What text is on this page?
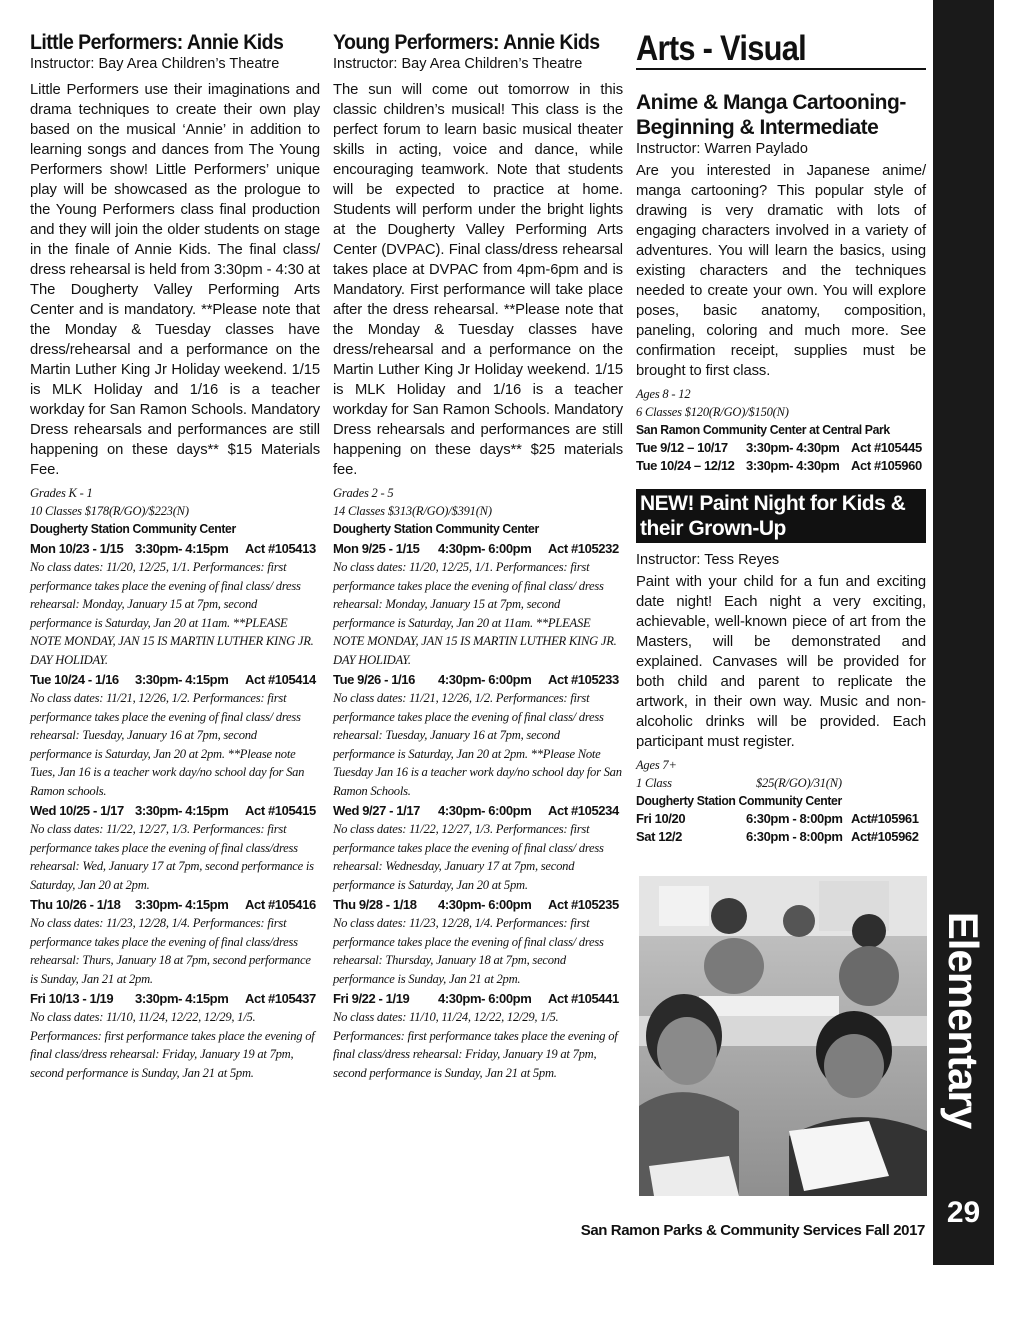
Little Performers: Annie Kids
Instructor: Bay Area Children’s Theatre
Little Performers use their imaginations and drama techniques to create their own play based on the musical ‘Annie’ in addition to learning songs and dances from The Young Performers show! Little Performers’ unique play will be showcased as the prologue to the Young Performers class final production and they will join the older students on stage in the finale of Annie Kids. The final class/ dress rehearsal is held from 3:30pm - 4:30 at The Dougherty Valley Performing Arts Center and is mandatory. **Please note that the Monday & Tuesday classes have dress/rehearsal and a performance on the Martin Luther King Jr Holiday weekend. 1/15 is MLK Holiday and 1/16 is a teacher workday for San Ramon Schools. Mandatory Dress rehearsals and performances are still happening on these days** $15 Materials Fee.
Grades K - 1
10 Classes $178(R/GO)/$223(N)
Dougherty Station Community Center
Mon 10/23 - 1/15 3:30pm- 4:15pm	Act #105413
No class dates: 11/20, 12/25, 1/1. Performances: first performance takes place the evening of final class/ dress rehearsal: Monday, January 15 at 7pm, second performance is Saturday, Jan 20 at 11am. **PLEASE NOTE MONDAY, JAN 15 IS MARTIN LUTHER KING JR. DAY HOLIDAY.
Tue 10/24 - 1/16	3:30pm- 4:15pm	Act #105414
No class dates: 11/21, 12/26, 1/2. Performances: first performance takes place the evening of final class/ dress rehearsal: Tuesday, January 16 at 7pm, second performance is Saturday, Jan 20 at 2pm. **Please note Tues, Jan 16 is a teacher work day/no school day for San Ramon schools.
Wed 10/25 - 1/17 3:30pm- 4:15pm	Act #105415
No class dates: 11/22, 12/27, 1/3. Performances: first performance takes place the evening of final class/dress rehearsal: Wed, January 17 at 7pm, second performance is Saturday, Jan 20 at 2pm.
Thu 10/26 - 1/18	3:30pm- 4:15pm	Act #105416
No class dates: 11/23, 12/28, 1/4. Performances: first performance takes place the evening of final class/dress rehearsal: Thurs, January 18 at 7pm, second performance is Sunday, Jan 21 at 2pm.
Fri 10/13 - 1/19	3:30pm- 4:15pm	Act #105437
No class dates: 11/10, 11/24, 12/22, 12/29, 1/5. Performances: first performance takes place the evening of final class/dress rehearsal: Friday, January 19 at 7pm, second performance is Sunday, Jan 21 at 5pm.
Young Performers: Annie Kids
Instructor: Bay Area Children’s Theatre
The sun will come out tomorrow in this classic children’s musical! This class is the perfect forum to learn basic musical theater skills in acting, voice and dance, while encouraging teamwork. Note that students will be expected to practice at home. Students will perform under the bright lights at the Dougherty Valley Performing Arts Center (DVPAC). Final class/dress rehearsal takes place at DVPAC from 4pm-6pm and is Mandatory. First performance will take place after the dress rehearsal. **Please note that the Monday & Tuesday classes have dress/rehearsal and a performance on the Martin Luther King Jr Holiday weekend. 1/15 is MLK Holiday and 1/16 is a teacher workday for San Ramon Schools. Mandatory Dress rehearsals and performances are still happening on these days** $25 materials fee.
Grades 2 - 5
14 Classes $313(R/GO)/$391(N)
Dougherty Station Community Center
Mon 9/25 - 1/15	4:30pm- 6:00pm	Act #105232
No class dates: 11/20, 12/25, 1/1. Performances: first performance takes place the evening of final class/ dress rehearsal: Monday, January 15 at 7pm, second performance is Saturday, Jan 20 at 11am. **PLEASE NOTE MONDAY, JAN 15 IS MARTIN LUTHER KING JR. DAY HOLIDAY.
Tue 9/26 - 1/16	4:30pm- 6:00pm	Act #105233
No class dates: 11/21, 12/26, 1/2. Performances: first performance takes place the evening of final class/ dress rehearsal: Tuesday, January 16 at 7pm, second performance is Saturday, Jan 20 at 2pm. **Please Note Tuesday Jan 16 is a teacher work day/no school day for San Ramon Schools.
Wed 9/27 - 1/17	4:30pm- 6:00pm	Act #105234
No class dates: 11/22, 12/27, 1/3. Performances: first performance takes place the evening of final class/ dress rehearsal: Wednesday, January 17 at 7pm, second performance is Saturday, Jan 20 at 5pm.
Thu 9/28 - 1/18	4:30pm- 6:00pm	Act #105235
No class dates: 11/23, 12/28, 1/4. Performances: first performance takes place the evening of final class/ dress rehearsal: Thursday, January 18 at 7pm, second performance is Sunday, Jan 21 at 2pm.
Fri 9/22 - 1/19	4:30pm- 6:00pm	Act #105441
No class dates: 11/10, 11/24, 12/22, 12/29, 1/5. Performances: first performance takes place the evening of final class/dress rehearsal: Friday, January 19 at 7pm, second performance is Sunday, Jan 21 at 5pm.
Arts - Visual
Anime & Manga Cartooning-Beginning & Intermediate
Instructor: Warren Paylado
Are you interested in Japanese anime/ manga cartooning? This popular style of drawing is very dramatic with lots of engaging characters involved in a variety of adventures. You will learn the basics, using existing characters and the techniques needed to create your own. You will explore poses, basic anatomy, composition, paneling, coloring and much more. See confirmation receipt, supplies must be brought to first class.
Ages 8 - 12
6 Classes $120(R/GO)/$150(N)
San Ramon Community Center at Central Park
Tue 9/12 – 10/17	3:30pm- 4:30pm Act #105445
Tue 10/24 – 12/12 3:30pm- 4:30pm Act #105960
NEW! Paint Night for Kids & their Grown-Up
Instructor: Tess Reyes
Paint with your child for a fun and exciting date night! Each night a very exciting, achievable, well-known piece of art from the Masters, will be demonstrated and explained. Canvases will be provided for both child and parent to replicate the artwork, in their own way. Music and non-alcoholic drinks will be provided. Each participant must register.
Ages 7+
1 Class	$25(R/GO)/31(N)
Dougherty Station Community Center
Fri 10/20	6:30pm - 8:00pm Act#105961
Sat 12/2	6:30pm - 8:00pm Act#105962
Elementary
29
San Ramon Parks & Community Services Fall 2017
